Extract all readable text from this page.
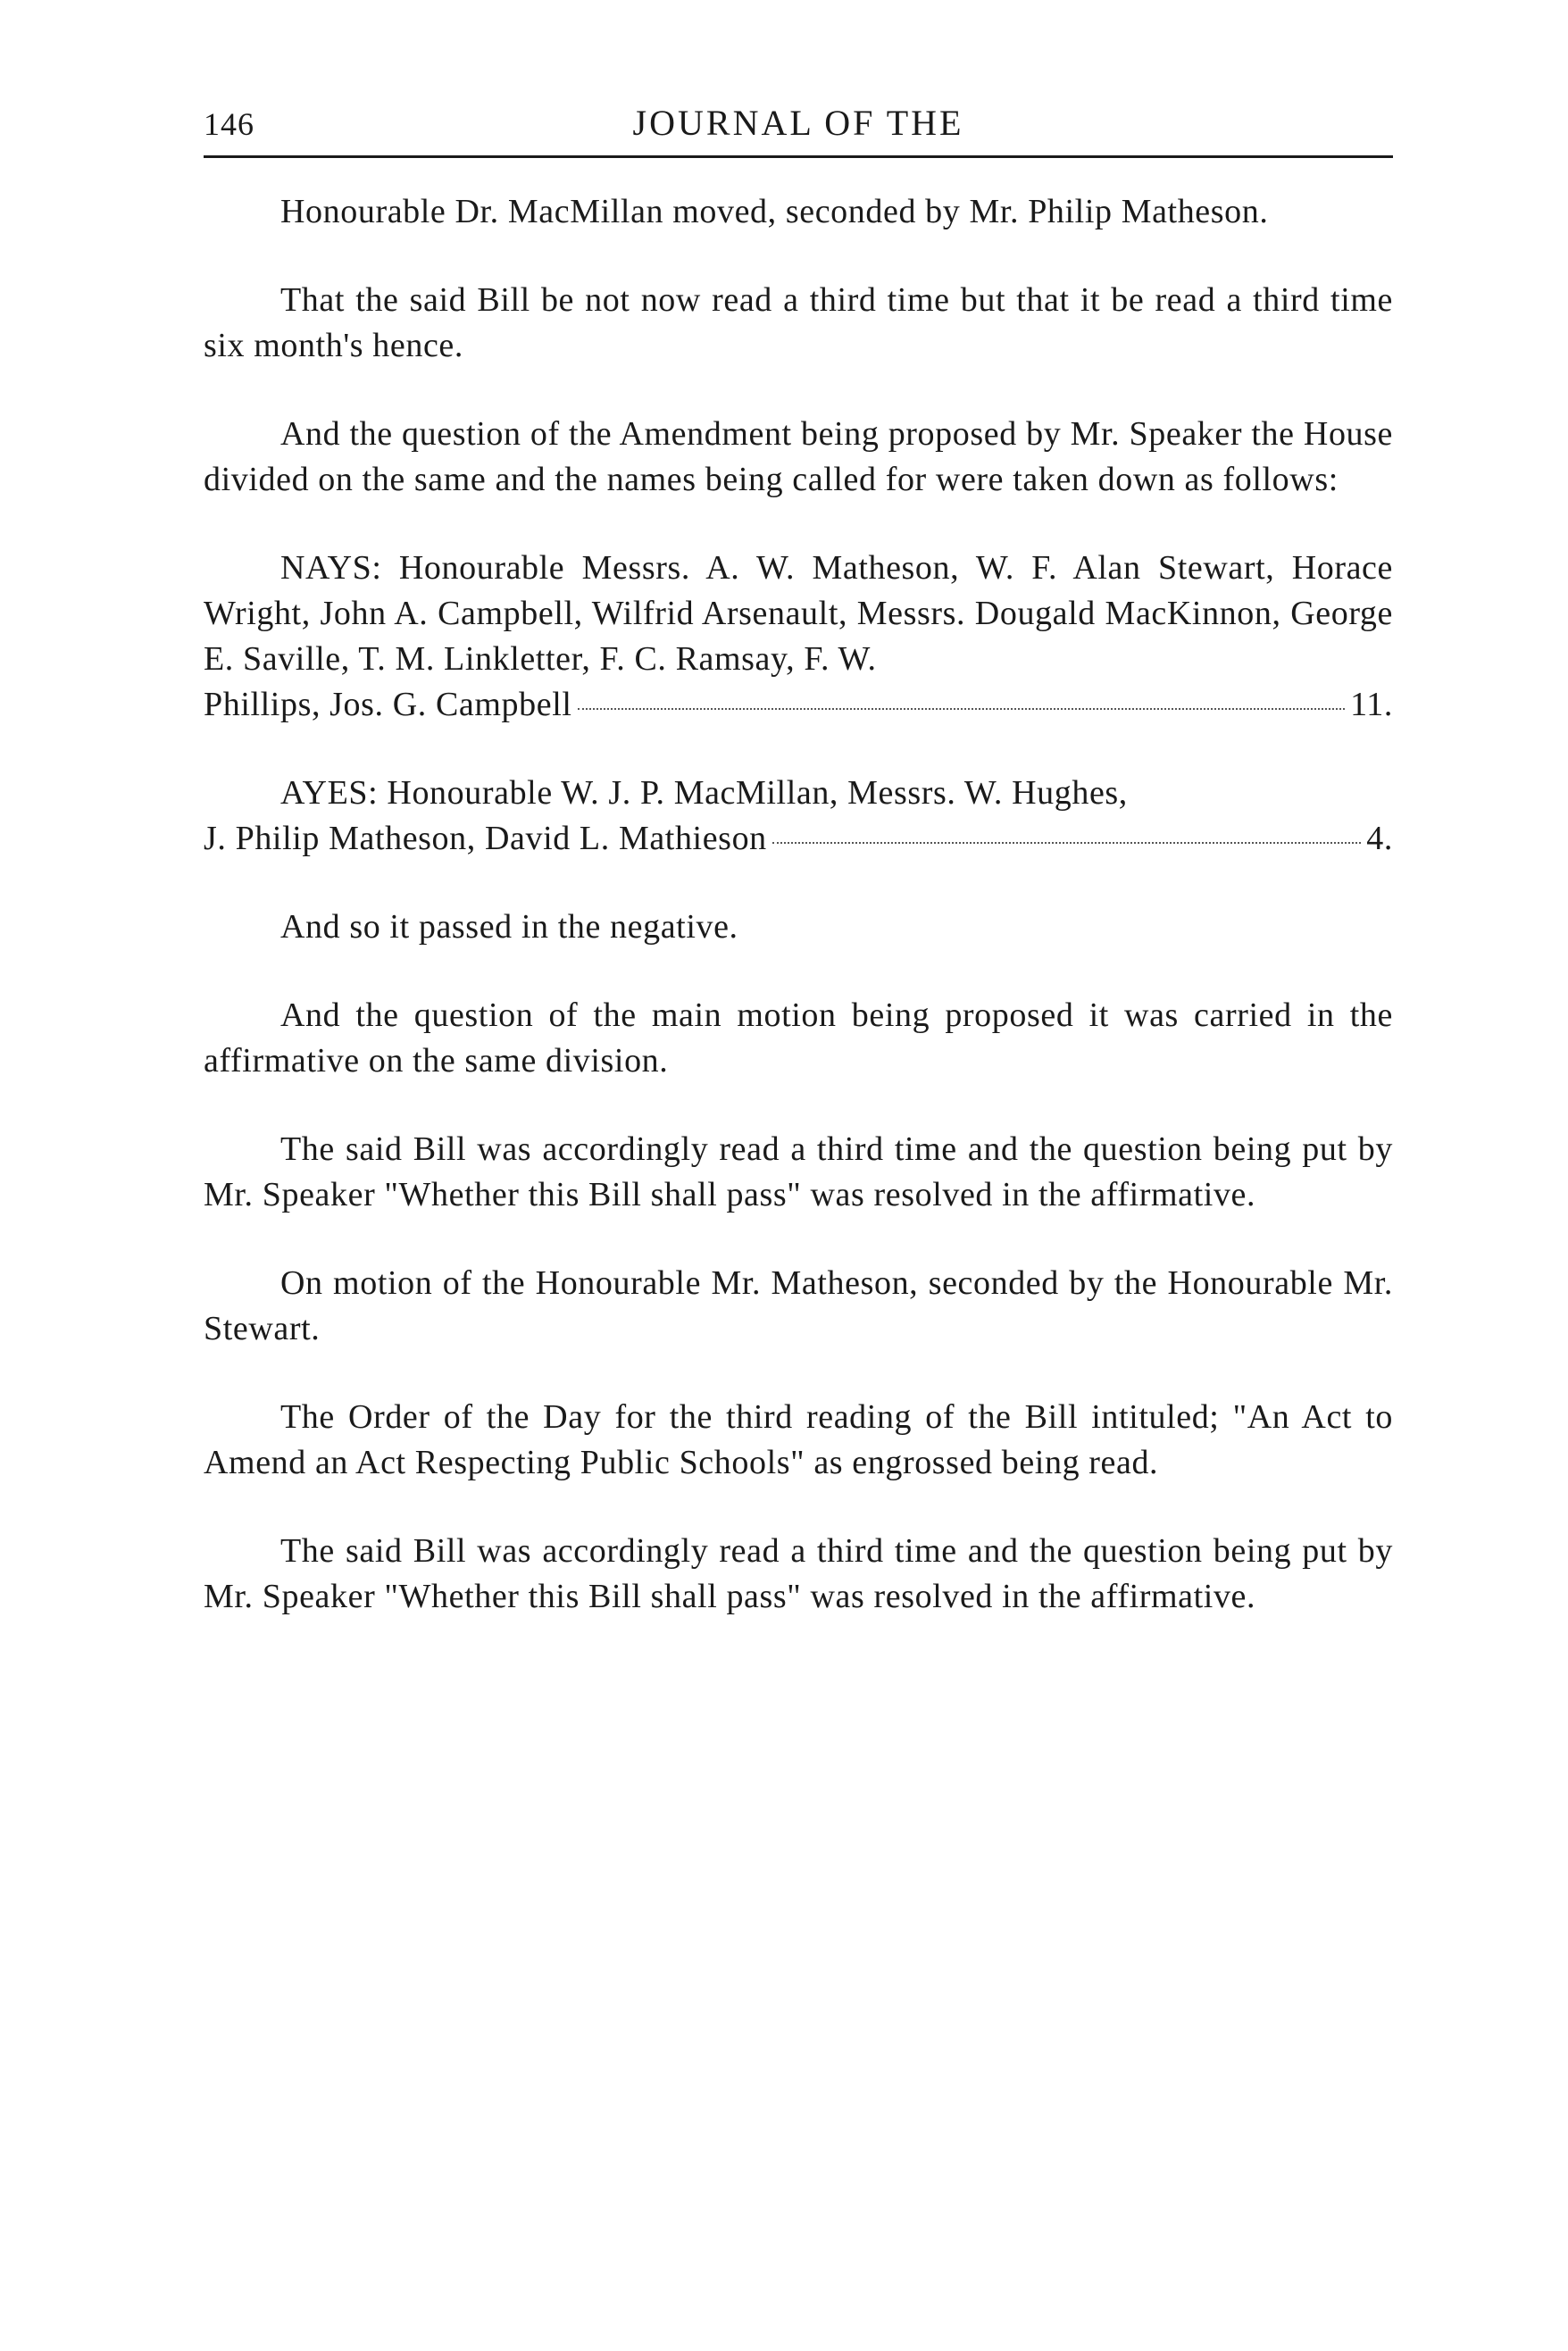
146	JOURNAL OF THE

Honourable Dr. MacMillan moved, seconded by Mr. Philip Matheson.

That the said Bill be not now read a third time but that it be read a third time six month's hence.

And the question of the Amendment being proposed by Mr. Speaker the House divided on the same and the names being called for were taken down as follows:

NAYS: Honourable Messrs. A. W. Matheson, W. F. Alan Stewart, Horace Wright, John A. Campbell, Wilfrid Arsenault, Messrs. Dougald MacKinnon, George E. Saville, T. M. Linkletter, F. C. Ramsay, F. W.
Phillips, Jos. G. Campbell	11.
AYES: Honourable W. J. P. MacMillan, Messrs. W. Hughes,
J. Philip Matheson, David L. Mathieson	4.

And so it passed in the negative.

And the question of the main motion being proposed it was carried in the affirmative on the same division.

The said Bill was accordingly read a third time and the question being put by Mr. Speaker "Whether this Bill shall pass" was resolved in the affirmative.

On motion of the Honourable Mr. Matheson, seconded by the Honourable Mr. Stewart.

The Order of the Day for the third reading of the Bill intituled; "An Act to Amend an Act Respecting Public Schools" as engrossed being read.

The said Bill was accordingly read a third time and the question being put by Mr. Speaker "Whether this Bill shall pass" was resolved in the affirmative.
